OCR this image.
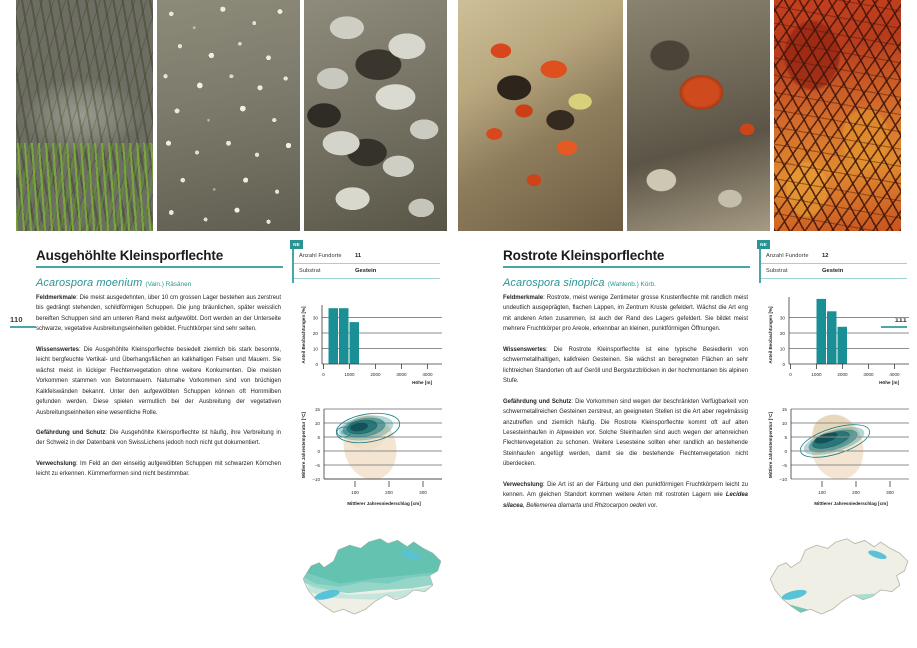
110
Ausgehöhlte Kleinsporflechte
Acarospora moenium (Vain.) Räsänen
NE
Anzahl Fundorte	11
Substrat	Gestein

Feldmerkmale: Die meist ausgedehnten, über 10 cm grossen Lager bestehen aus zerstreut bis gedrängt stehenden, schildförmigen Schuppen. Die jung bräunlichen, später weisslich bereiften Schuppen sind am unteren Rand meist aufgewölbt. Dort werden an der Unterseite schwarze, vegetative Ausbreitungseinheiten gebildet. Fruchtkörper sind sehr selten.

Wissenswertes: Die Ausgehöhlte Kleinsporflechte besiedelt ziemlich bis stark besonnte, leicht bergfeuchte Vertikal- und Überhangsflächen an kalkhaltigen Felsen und Mauern. Sie wächst meist in lückiger Flechtenvegetation ohne weitere Konkurrenten. Die meisten Vorkommen stammen von Betonmauern. Naturnahe Vorkommen sind von brüchigen Kalkfelswänden bekannt. Unter den aufgewölbten Schuppen können oft Hornmilben gefunden werden. Diese spielen vermutlich bei der Ausbreitung der vegetativen Ausbreitungseinheiten eine wesentliche Rolle.

Gefährdung und Schutz: Die Ausgehöhlte Kleinsporflechte ist häufig, ihre Verbreitung in der Schweiz in der Datenbank von SwissLichens jedoch noch nicht gut dokumentiert.

Verwechslung: Im Feld an den einseitig aufgewölbten Schuppen mit schwarzen Körnchen leicht zu erkennen. Kümmerformen sind nicht bestimmbar.

0
10
20
30
0	1000	2000	3000	4000
Höhe [m]
Anteil Beobachtungen [%]
15
10
5
0
–5
–10
100	200	300
Mittlerer Jahresniederschlag [cm]
Mittlere Jahrestemperatur [°C]
111
Rostrote Kleinsporflechte
Acarospora sinopica (Wahlenb.) Körb.
NE
Anzahl Fundorte	12
Substrat	Gestein

Feldmerkmale: Rostrote, meist wenige Zentimeter grosse Krustenflechte mit randlich meist undeutlich ausgeprägten, flachen Lappen, im Zentrum Kruste gefeldert. Wächst die Art eng mit anderen Arten zusammen, ist auch der Rand des Lagers gefeldert. Sie bildet meist mehrere Fruchtkörper pro Areole, erkennbar an kleinen, punktförmigen Öffnungen.

Wissenswertes: Die Rostrote Kleinsporflechte ist eine typische Besiedlerin von schwermetallhaltigen, kalkfreien Gesteinen. Sie wächst an beregneten Flächen an sehr lichtreichen Standorten oft auf Geröll und Bergsturzblöcken in der hochmontanen bis alpinen Stufe.

Gefährdung und Schutz: Die Vorkommen sind wegen der beschränkten Verfügbarkeit von schwermetallreichen Gesteinen zerstreut, an geeigneten Stellen ist die Art aber regelmässig anzutreffen und ziemlich häufig. Die Rostrote Kleinsporflechte kommt oft auf alten Lesesteinhaufen in Alpweiden vor. Solche Steinhaufen sind auch wegen der artenreichen Flechtenvegetation zu schonen. Weitere Lesesteine sollten eher randlich an bestehende Steinhaufen angefügt werden, damit sie die bestehende Flechtenvegetation nicht überdecken.

Verwechslung: Die Art ist an der Färbung und den punktförmigen Fruchtkörpern leicht zu kennen. Am gleichen Standort kommen weitere Arten mit rostroten Lagern wie Lecidea silacea, Bellemerea diamarta und Rhizocarpon oederi vor.

0
10
20
30
0	1000	2000	3000	4000
Höhe [m]
Anteil Beobachtungen [%]
15
10
5
0
–5
–10
100	200	300
Mittlerer Jahresniederschlag [cm]
Mittlere Jahrestemperatur [°C]
